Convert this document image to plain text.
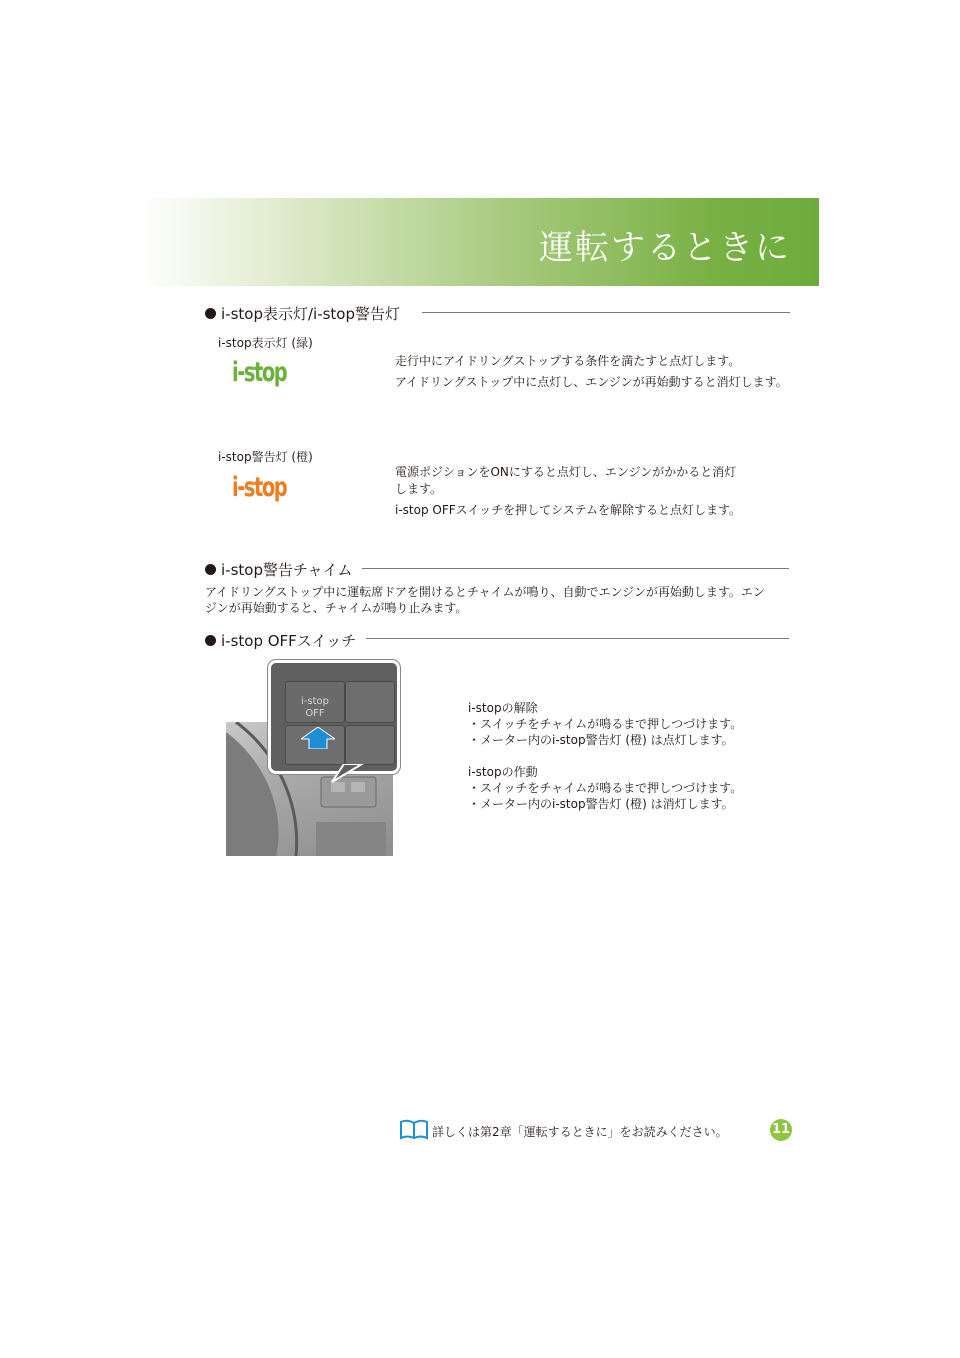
運転するときに
i-stop表示灯/i-stop警告灯
i-stop表示灯 (緑)
i-stop	走行中にアイドリングストップする条件を満たすと点灯します。
アイドリングストップ中に点灯し、エンジンが再始動すると消灯します。
i-stop警告灯 (橙)
i-stop	電源ポジションをONにすると点灯し、エンジンがかかると消灯
します。
i-stop OFFスイッチを押してシステムを解除すると点灯します。
i-stop警告チャイム
アイドリングストップ中に運転席ドアを開けるとチャイムが鳴り、自動でエンジンが再始動します。エン
ジンが再始動すると、チャイムが鳴り止みます。
i-stop OFFスイッチ
i-stop
OFF	i-stopの解除
・スイッチをチャイムが鳴るまで押しつづけます。
・メーター内のi-stop警告灯 (橙) は点灯します。
i-stopの作動
・スイッチをチャイムが鳴るまで押しつづけます。
・メーター内のi-stop警告灯 (橙) は消灯します。
詳しくは第2章「運転するときに」をお読みください。	11
